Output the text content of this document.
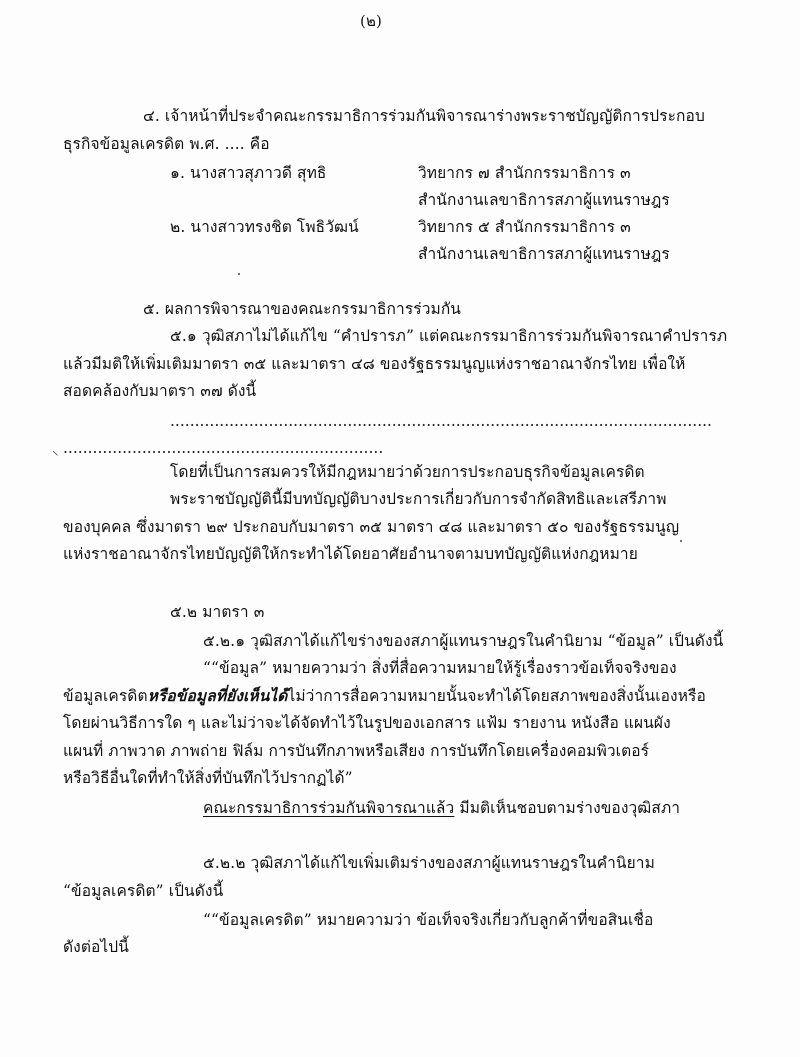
(๒)
๔. เจ้าหน้าที่ประจำคณะกรรมาธิการร่วมกันพิจารณาร่างพระราชบัญญัติการประกอบ
ธุรกิจข้อมูลเครดิต พ.ศ. .... คือ
๑. นางสาวสุภาวดี สุทธิ	วิทยากร ๗ สำนักกรรมาธิการ ๓
สำนักงานเลขาธิการสภาผู้แทนราษฎร
๒. นางสาวทรงชิต โพธิวัฒน์	วิทยากร ๕ สำนักกรรมาธิการ ๓
สำนักงานเลขาธิการสภาผู้แทนราษฎร
๕. ผลการพิจารณาของคณะกรรมาธิการร่วมกัน
๕.๑ วุฒิสภาไม่ได้แก้ไข “คำปรารภ” แต่คณะกรรมาธิการร่วมกันพิจารณาคำปรารภ
แล้วมีมติให้เพิ่มเติมมาตรา ๓๕ และมาตรา ๔๘ ของรัฐธรรมนูญแห่งราชอาณาจักรไทย เพื่อให้
สอดคล้องกับมาตรา ๓๗ ดังนี้
..............................................................................................................
⸌ .................................................................
โดยที่เป็นการสมควรให้มีกฎหมายว่าด้วยการประกอบธุรกิจข้อมูลเครดิต
พระราชบัญญัตินี้มีบทบัญญัติบางประการเกี่ยวกับการจำกัดสิทธิและเสรีภาพ
ของบุคคล ซึ่งมาตรา ๒๙ ประกอบกับมาตรา ๓๕ มาตรา ๔๘ และมาตรา ๕๐ ของรัฐธรรมนูญ
แห่งราชอาณาจักรไทยบัญญัติให้กระทำได้โดยอาศัยอำนาจตามบทบัญญัติแห่งกฎหมาย
๕.๒ มาตรา ๓
๕.๒.๑ วุฒิสภาได้แก้ไขร่างของสภาผู้แทนราษฎรในคำนิยาม “ข้อมูล” เป็นดังนี้
““ข้อมูล” หมายความว่า สิ่งที่สื่อความหมายให้รู้เรื่องราวข้อเท็จจริงของ
ข้อมูลเครดิตหรือข้อมูลที่ยังเห็นได้ไม่ว่าการสื่อความหมายนั้นจะทำได้โดยสภาพของสิ่งนั้นเองหรือ
โดยผ่านวิธีการใด ๆ และไม่ว่าจะได้จัดทำไว้ในรูปของเอกสาร แฟ้ม รายงาน หนังสือ แผนผัง
แผนที่ ภาพวาด ภาพถ่าย ฟิล์ม การบันทึกภาพหรือเสียง การบันทึกโดยเครื่องคอมพิวเตอร์
หรือวิธีอื่นใดที่ทำให้สิ่งที่บันทึกไว้ปรากฏได้”
คณะกรรมาธิการร่วมกันพิจารณาแล้ว มีมติเห็นชอบตามร่างของวุฒิสภา
๕.๒.๒ วุฒิสภาได้แก้ไขเพิ่มเติมร่างของสภาผู้แทนราษฎรในคำนิยาม
“ข้อมูลเครดิต” เป็นดังนี้
““ข้อมูลเครดิต” หมายความว่า ข้อเท็จจริงเกี่ยวกับลูกค้าที่ขอสินเชื่อ
ดังต่อไปนี้
